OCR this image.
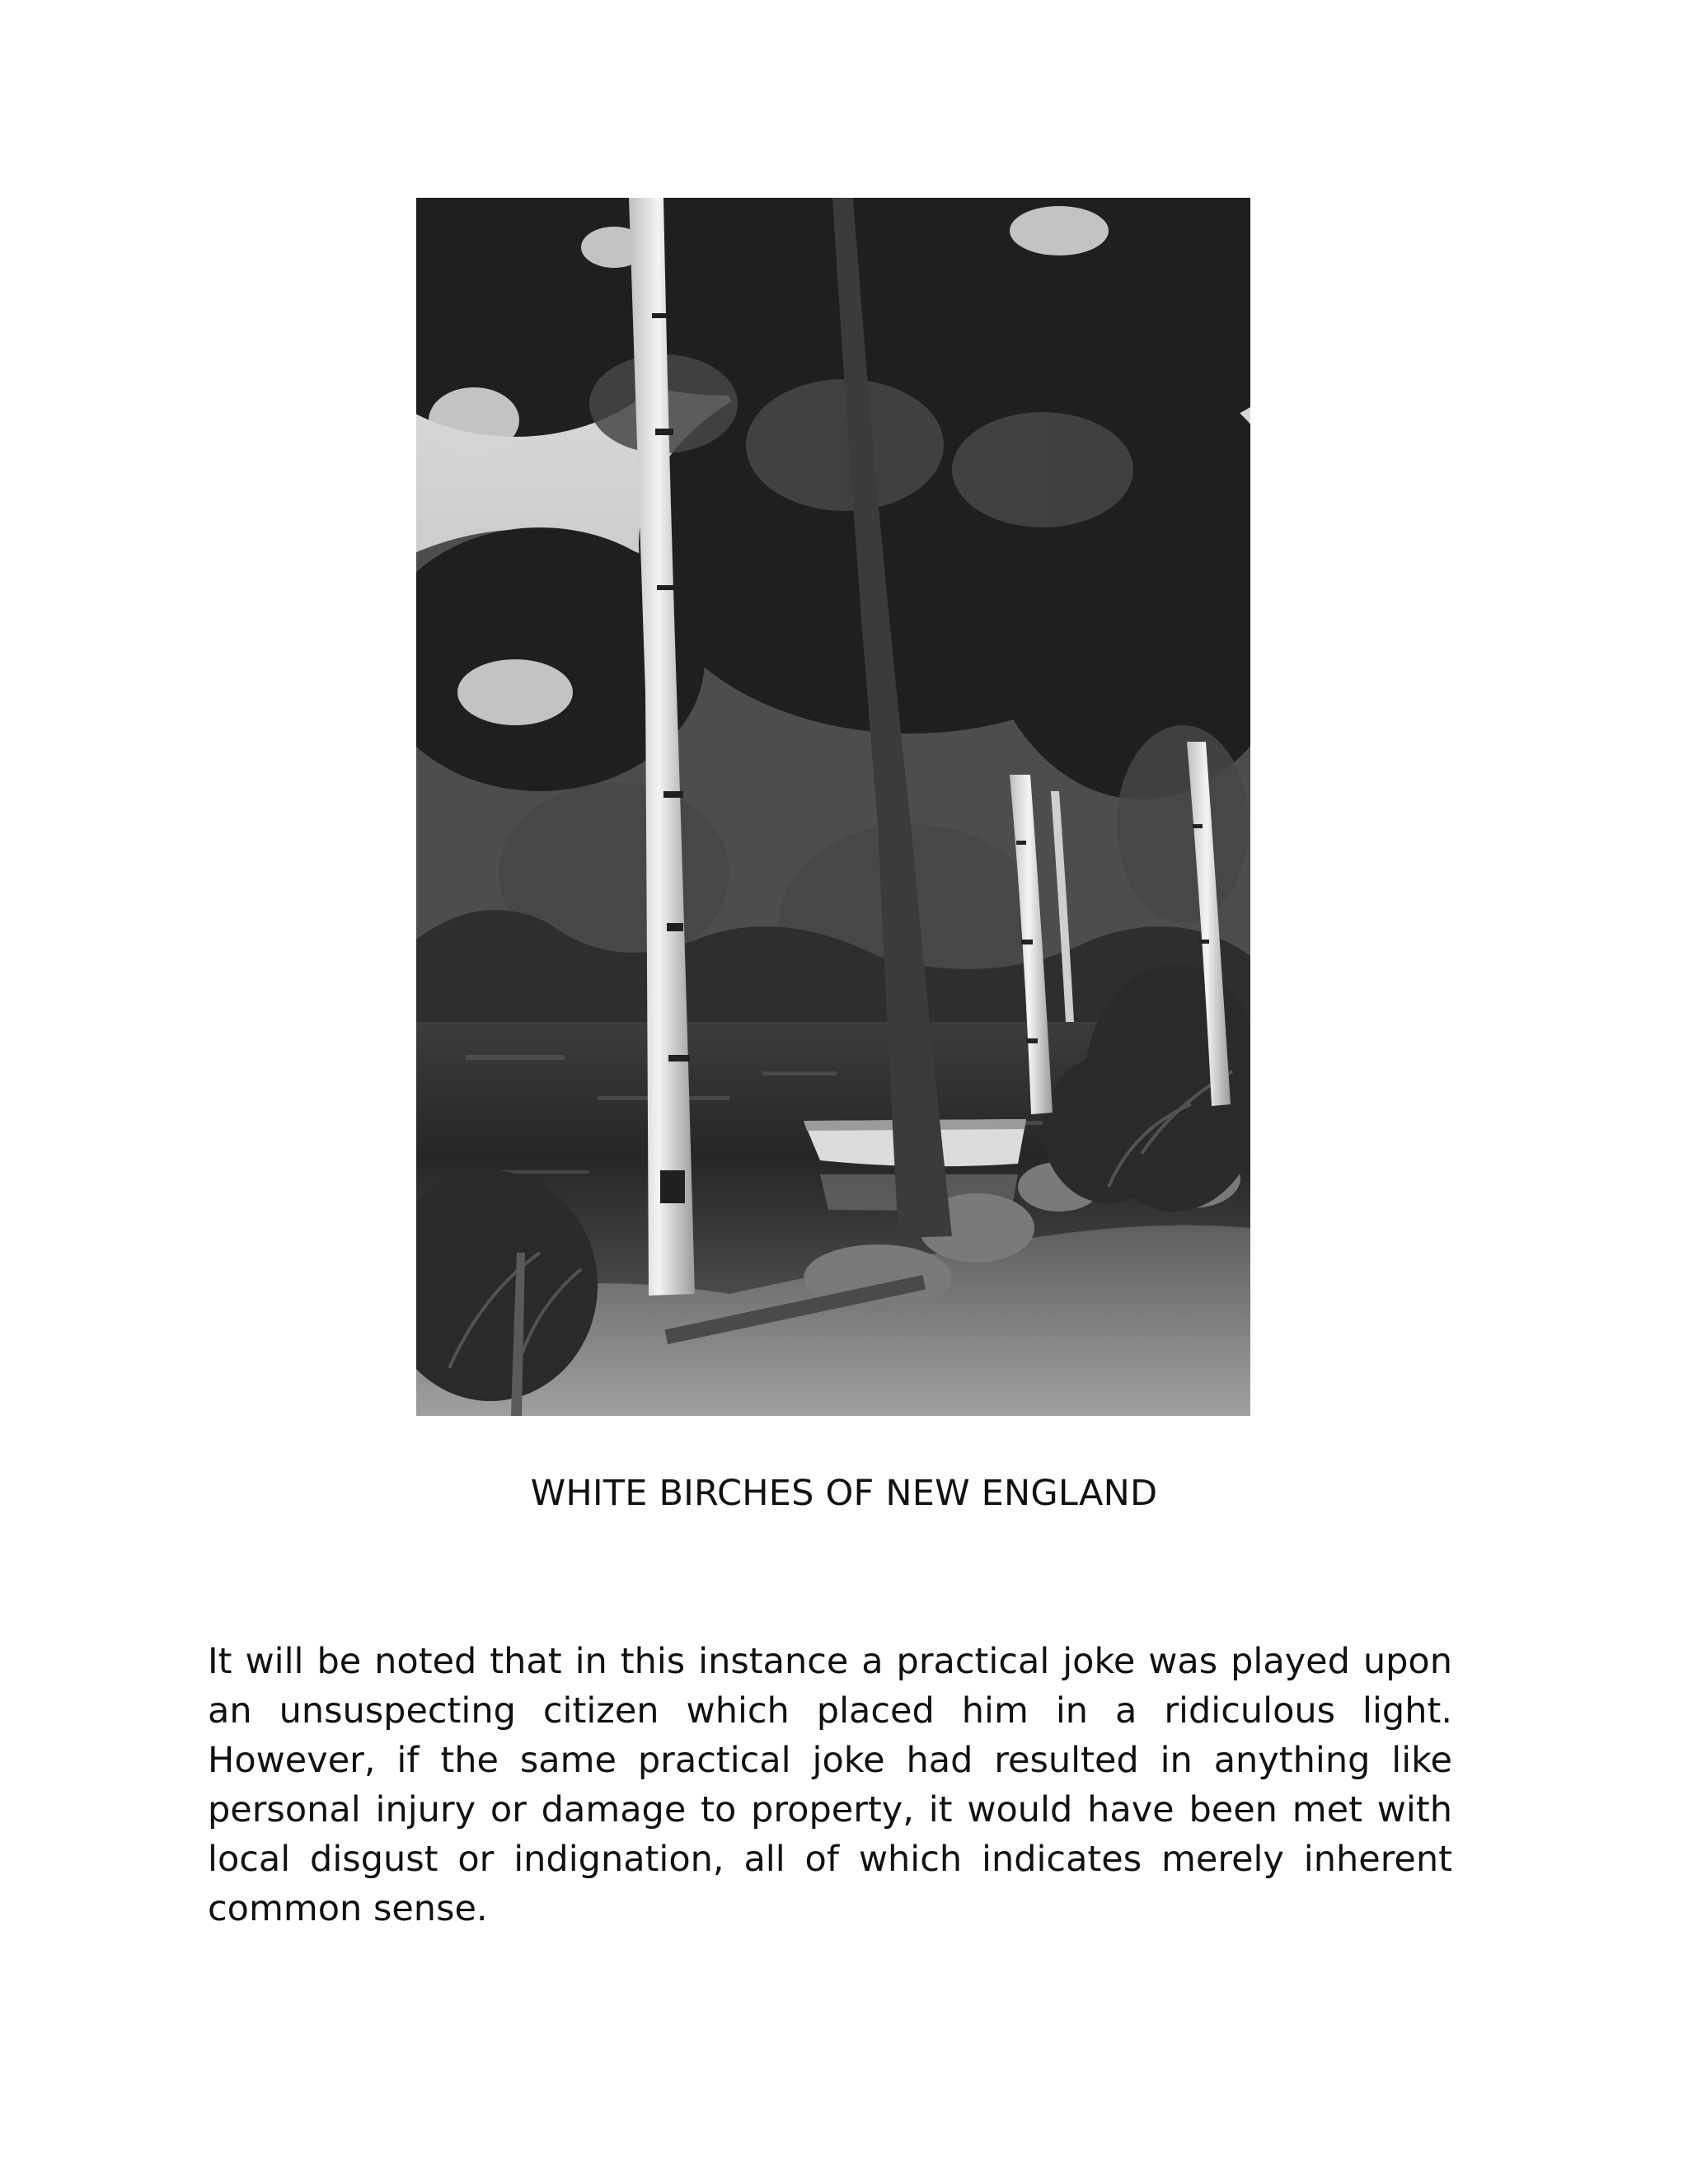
WHITE BIRCHES OF NEW ENGLAND

It will be noted that in this instance a practical joke was played upon an unsuspecting citizen which placed him in a ridiculous light. However, if the same practical joke had resulted in anything like personal injury or damage to property, it would have been met with local disgust or indignation, all of which indicates merely inherent common sense.
